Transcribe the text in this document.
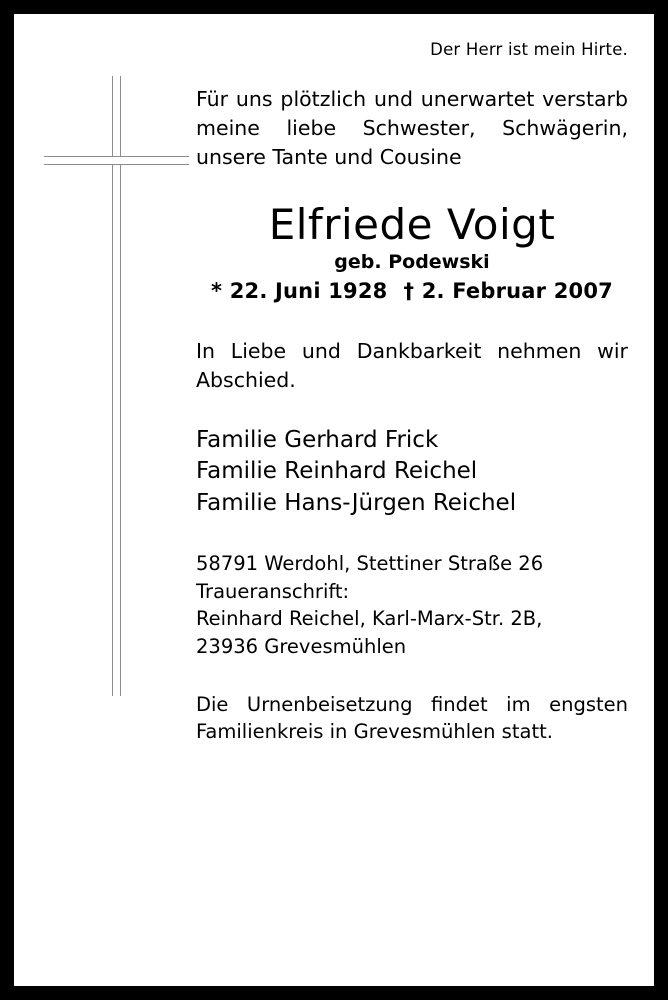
Der Herr ist mein Hirte.
Für uns plötzlich und unerwartet verstarb meine liebe Schwester, Schwägerin, unsere Tante und Cousine
Elfriede Voigt
geb. Podewski
* 22. Juni 1928 † 2. Februar 2007
In Liebe und Dankbarkeit nehmen wir Abschied.
Familie Gerhard Frick
Familie Reinhard Reichel
Familie Hans-Jürgen Reichel
58791 Werdohl, Stettiner Straße 26
Traueranschrift:
Reinhard Reichel, Karl-Marx-Str. 2B,
23936 Grevesmühlen
Die Urnenbeisetzung findet im engsten Familienkreis in Grevesmühlen statt.
